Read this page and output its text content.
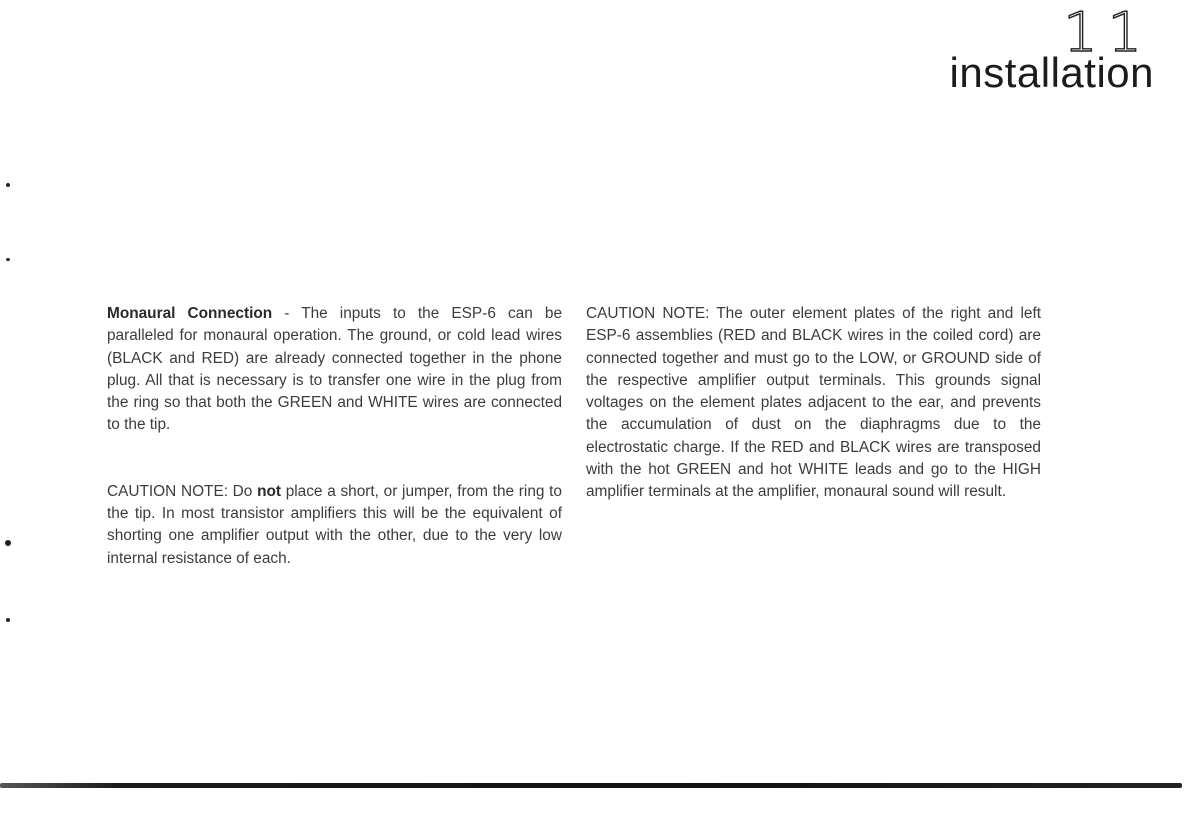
11
installation

Monaural Connection - The inputs to the ESP-6 can be paralleled for monaural operation. The ground, or cold lead wires (BLACK and RED) are already connected together in the phone plug. All that is necessary is to transfer one wire in the plug from the ring so that both the GREEN and WHITE wires are connected to the tip.

CAUTION NOTE: Do not place a short, or jumper, from the ring to the tip. In most transistor amplifiers this will be the equivalent of shorting one amplifier output with the other, due to the very low internal resistance of each.

CAUTION NOTE: The outer element plates of the right and left ESP-6 assemblies (RED and BLACK wires in the coiled cord) are connected together and must go to the LOW, or GROUND side of the respective amplifier output terminals. This grounds signal voltages on the element plates adjacent to the ear, and prevents the accumulation of dust on the diaphragms due to the electrostatic charge. If the RED and BLACK wires are transposed with the hot GREEN and hot WHITE leads and go to the HIGH amplifier terminals at the amplifier, monaural sound will result.
